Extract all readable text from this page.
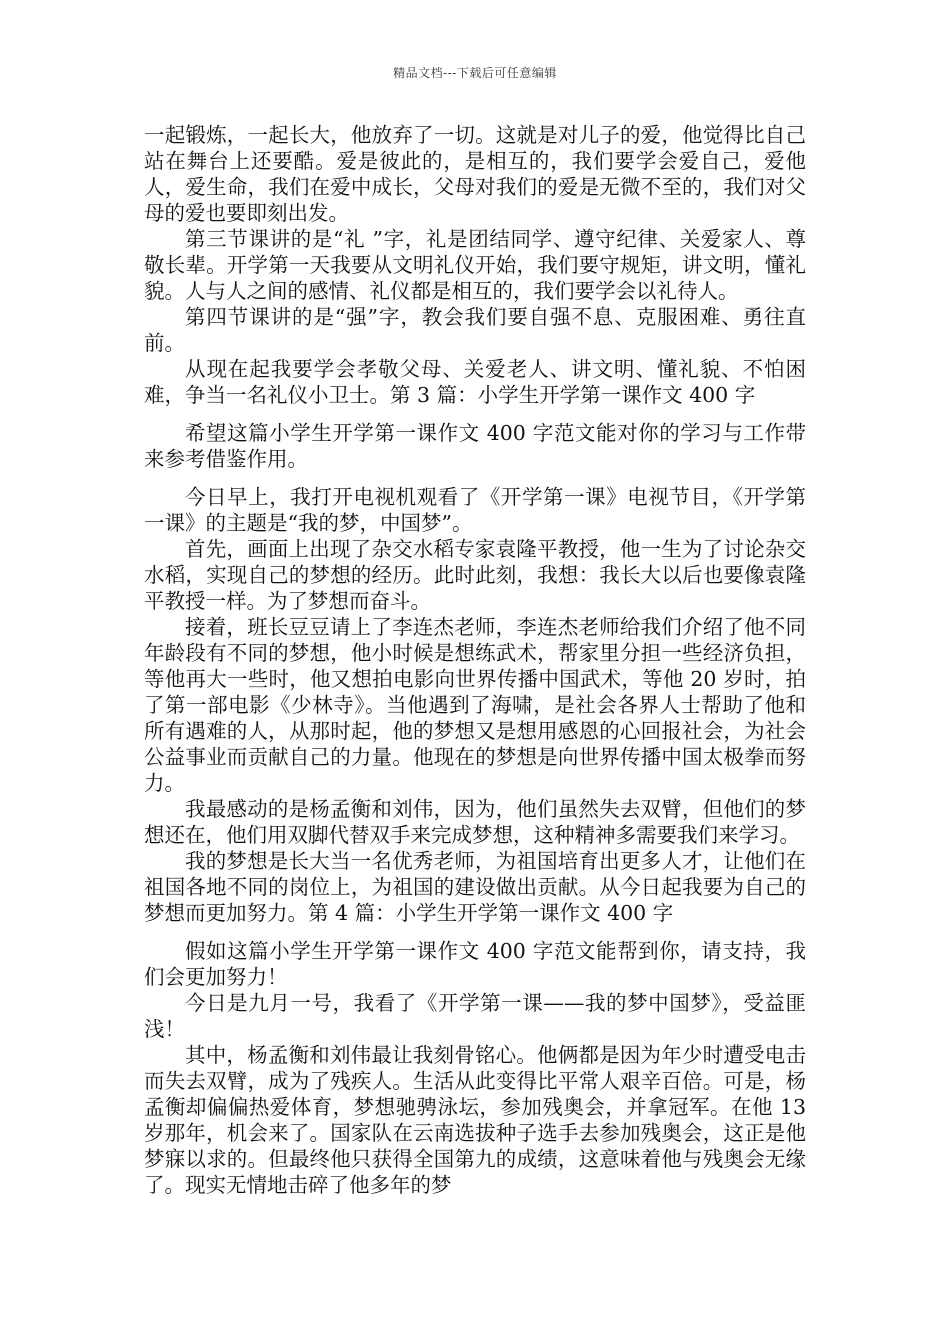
精品文档---下载后可任意编辑

一起锻炼，一起长大，他放弃了一切。这就是对儿子的爱，他觉得比自己站在舞台上还要酷。爱是彼此的，是相互的，我们要学会爱自己，爱他人，爱生命，我们在爱中成长，父母对我们的爱是无微不至的，我们对父母的爱也要即刻出发。

第三节课讲的是“礼 ”字，礼是团结同学、遵守纪律、关爱家人、尊敬长辈。开学第一天我要从文明礼仪开始，我们要守规矩，讲文明，懂礼貌。人与人之间的感情、礼仪都是相互的，我们要学会以礼待人。

第四节课讲的是“强”字，教会我们要自强不息、克服困难、勇往直前。

从现在起我要学会孝敬父母、关爱老人、讲文明、懂礼貌、不怕困难，争当一名礼仪小卫士。第 3 篇：小学生开学第一课作文 400 字

希望这篇小学生开学第一课作文 400 字范文能对你的学习与工作带来参考借鉴作用。

今日早上，我打开电视机观看了《开学第一课》电视节目，《开学第一课》的主题是“我的梦，中国梦”。

首先，画面上出现了杂交水稻专家袁隆平教授，他一生为了讨论杂交水稻，实现自己的梦想的经历。此时此刻，我想：我长大以后也要像袁隆平教授一样。为了梦想而奋斗。

接着，班长豆豆请上了李连杰老师，李连杰老师给我们介绍了他不同年龄段有不同的梦想，他小时候是想练武术，帮家里分担一些经济负担，等他再大一些时，他又想拍电影向世界传播中国武术，等他 20 岁时，拍了第一部电影《少林寺》。当他遇到了海啸，是社会各界人士帮助了他和所有遇难的人，从那时起，他的梦想又是想用感恩的心回报社会，为社会公益事业而贡献自己的力量。他现在的梦想是向世界传播中国太极拳而努力。

我最感动的是杨孟衡和刘伟，因为，他们虽然失去双臂，但他们的梦想还在，他们用双脚代替双手来完成梦想，这种精神多需要我们来学习。

我的梦想是长大当一名优秀老师，为祖国培育出更多人才，让他们在祖国各地不同的岗位上，为祖国的建设做出贡献。从今日起我要为自己的梦想而更加努力。第 4 篇：小学生开学第一课作文 400 字

假如这篇小学生开学第一课作文 400 字范文能帮到你，请支持，我们会更加努力！

今日是九月一号，我看了《开学第一课——我的梦中国梦》，受益匪浅！

其中，杨孟衡和刘伟最让我刻骨铭心。他俩都是因为年少时遭受电击而失去双臂，成为了残疾人。生活从此变得比平常人艰辛百倍。可是，杨孟衡却偏偏热爱体育，梦想驰骋泳坛，参加残奥会，并拿冠军。在他 13 岁那年，机会来了。国家队在云南选拔种子选手去参加残奥会，这正是他梦寐以求的。但最终他只获得全国第九的成绩，这意味着他与残奥会无缘了。现实无情地击碎了他多年的梦
